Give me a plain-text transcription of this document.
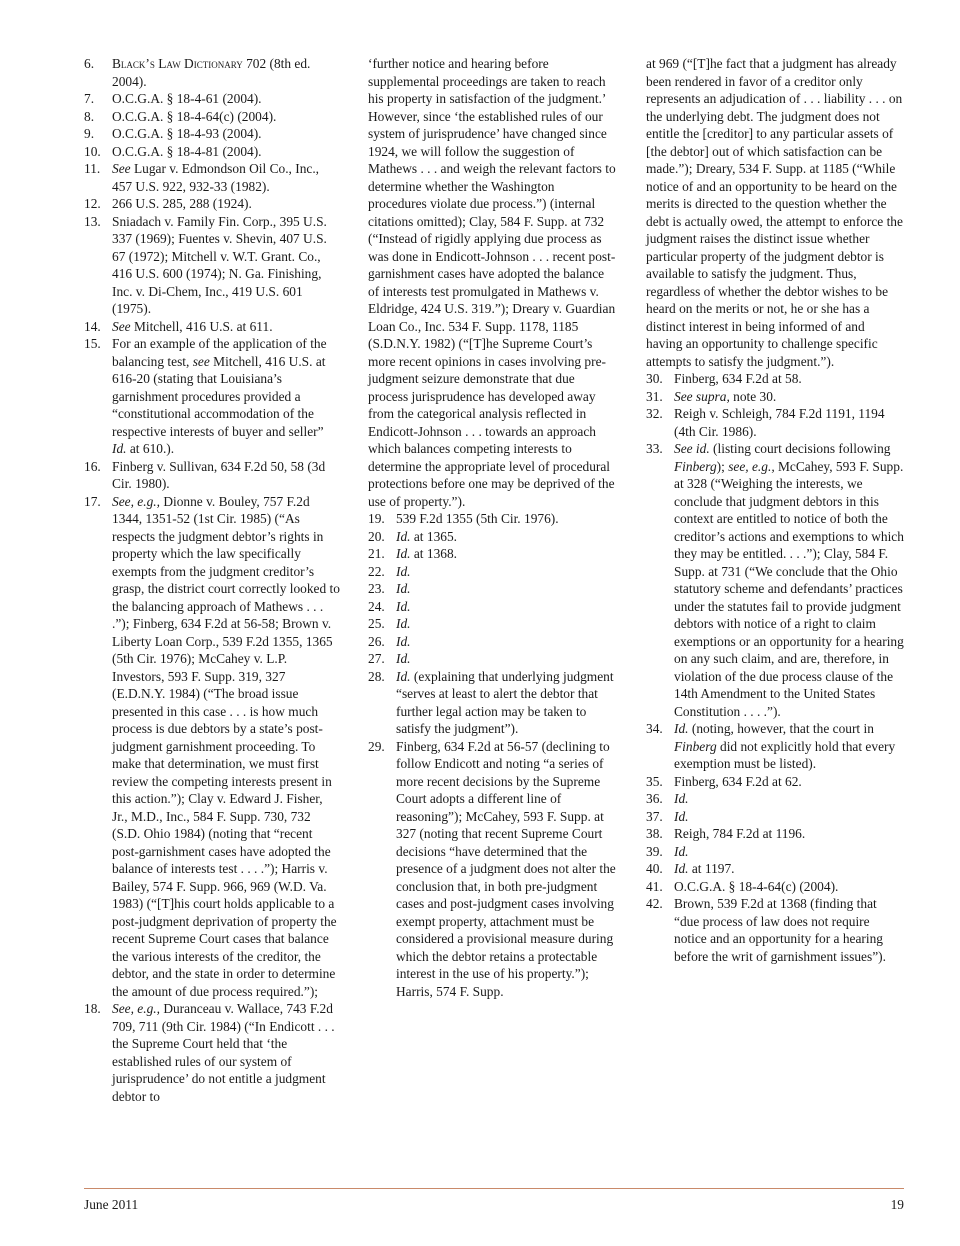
6.	Black’s Law Dictionary 702 (8th ed. 2004).

7.	O.C.G.A. § 18-4-61 (2004).

8.	O.C.G.A. § 18-4-64(c) (2004).

9.	O.C.G.A. § 18-4-93 (2004).

10. O.C.G.A. § 18-4-81 (2004).

11. See Lugar v. Edmondson Oil Co., Inc., 457 U.S. 922, 932-33 (1982).

12. 266 U.S. 285, 288 (1924).

13. Sniadach v. Family Fin. Corp., 395 U.S. 337 (1969); Fuentes v. Shevin, 407 U.S. 67 (1972); Mitchell v. W.T. Grant. Co., 416 U.S. 600 (1974); N. Ga. Finishing, Inc. v. Di-Chem, Inc., 419 U.S. 601 (1975).

14. See Mitchell, 416 U.S. at 611.

15. For an example of the application of the balancing test, see Mitchell, 416 U.S. at 616-20 (stating that Louisiana’s garnishment procedures provided a “constitutional accommodation of the respective interests of buyer and seller” Id. at 610.).

16. Finberg v. Sullivan, 634 F.2d 50, 58 (3d Cir. 1980).

17. See, e.g., Dionne v. Bouley, 757 F.2d 1344, 1351-52 (1st Cir. 1985) (“As respects the judgment debtor’s rights in property which the law specifically exempts from the judgment creditor’s grasp, the district court correctly looked to the balancing approach of Mathews . . . .”); Finberg, 634 F.2d at 56-58; Brown v. Liberty Loan Corp., 539 F.2d 1355, 1365 (5th Cir. 1976); McCahey v. L.P. Investors, 593 F. Supp. 319, 327 (E.D.N.Y. 1984) (“The broad issue presented in this case . . . is how much process is due debtors by a state’s post-judgment garnishment proceeding. To make that determination, we must first review the competing interests present in this action.”); Clay v. Edward J. Fisher, Jr., M.D., Inc., 584 F. Supp. 730, 732 (S.D. Ohio 1984) (noting that “recent post-garnishment cases have adopted the balance of interests test . . . .”); Harris v. Bailey, 574 F. Supp. 966, 969 (W.D. Va. 1983) (“[T]his court holds applicable to a post-judgment deprivation of property the recent Supreme Court cases that balance the various interests of the creditor, the debtor, and the state in order to determine the amount of due process required.”);

18. See, e.g., Duranceau v. Wallace, 743 F.2d 709, 711 (9th Cir. 1984) (“In Endicott . . . the Supreme Court held that ‘the established rules of our system of jurisprudence’ do not entitle a judgment debtor to

‘further notice and hearing before supplemental proceedings are taken to reach his property in satisfaction of the judgment.’ However, since ‘the established rules of our system of jurisprudence’ have changed since 1924, we will follow the suggestion of Mathews . . . and weigh the relevant factors to determine whether the Washington procedures violate due process.”) (internal citations omitted); Clay, 584 F. Supp. at 732 (“Instead of rigidly applying due process as was done in Endicott-Johnson . . . recent post-garnishment cases have adopted the balance of interests test promulgated in Mathews v. Eldridge, 424 U.S. 319.”); Dreary v. Guardian Loan Co., Inc. 534 F. Supp. 1178, 1185 (S.D.N.Y. 1982) (“[T]he Supreme Court’s more recent opinions in cases involving pre-judgment seizure demonstrate that due process jurisprudence has developed away from the categorical analysis reflected in Endicott-Johnson . . . towards an approach which balances competing interests to determine the appropriate level of procedural protections before one may be deprived of the use of property.”).

19. 539 F.2d 1355 (5th Cir. 1976).

20. Id. at 1365.

21. Id. at 1368.

22. Id.

23. Id.

24. Id.

25. Id.

26. Id.

27. Id.

28. Id. (explaining that underlying judgment “serves at least to alert the debtor that further legal action may be taken to satisfy the judgment”).

29. Finberg, 634 F.2d at 56-57 (declining to follow Endicott and noting “a series of more recent decisions by the Supreme Court adopts a different line of reasoning”); McCahey, 593 F. Supp. at 327 (noting that recent Supreme Court decisions “have determined that the presence of a judgment does not alter the conclusion that, in both pre-judgment cases and post-judgment cases involving exempt property, attachment must be considered a provisional measure during which the debtor retains a protectable interest in the use of his property.”); Harris, 574 F. Supp.

at 969 (“[T]he fact that a judgment has already been rendered in favor of a creditor only represents an adjudication of . . . liability . . . on the underlying debt. The judgment does not entitle the [creditor] to any particular assets of [the debtor] out of which satisfaction can be made.”); Dreary, 534 F. Supp. at 1185 (“While notice of and an opportunity to be heard on the merits is directed to the question whether the debt is actually owed, the attempt to enforce the judgment raises the distinct issue whether particular property of the judgment debtor is available to satisfy the judgment. Thus, regardless of whether the debtor wishes to be heard on the merits or not, he or she has a distinct interest in being informed of and having an opportunity to challenge specific attempts to satisfy the judgment.”).

30. Finberg, 634 F.2d at 58.

31. See supra, note 30.

32. Reigh v. Schleigh, 784 F.2d 1191, 1194 (4th Cir. 1986).

33. See id. (listing court decisions following Finberg); see, e.g., McCahey, 593 F. Supp. at 328 (“Weighing the interests, we conclude that judgment debtors in this context are entitled to notice of both the creditor’s actions and exemptions to which they may be entitled. . . .”); Clay, 584 F. Supp. at 731 (“We conclude that the Ohio statutory scheme and defendants’ practices under the statutes fail to provide judgment debtors with notice of a right to claim exemptions or an opportunity for a hearing on any such claim, and are, therefore, in violation of the due process clause of the 14th Amendment to the United States Constitution . . . .”).

34. Id. (noting, however, that the court in Finberg did not explicitly hold that every exemption must be listed).

35. Finberg, 634 F.2d at 62.

36. Id.

37. Id.

38. Reigh, 784 F.2d at 1196.

39. Id.

40. Id. at 1197.

41. O.C.G.A. § 18-4-64(c) (2004).

42. Brown, 539 F.2d at 1368 (finding that “due process of law does not require notice and an opportunity for a hearing before the writ of garnishment issues”).

June 2011	19
